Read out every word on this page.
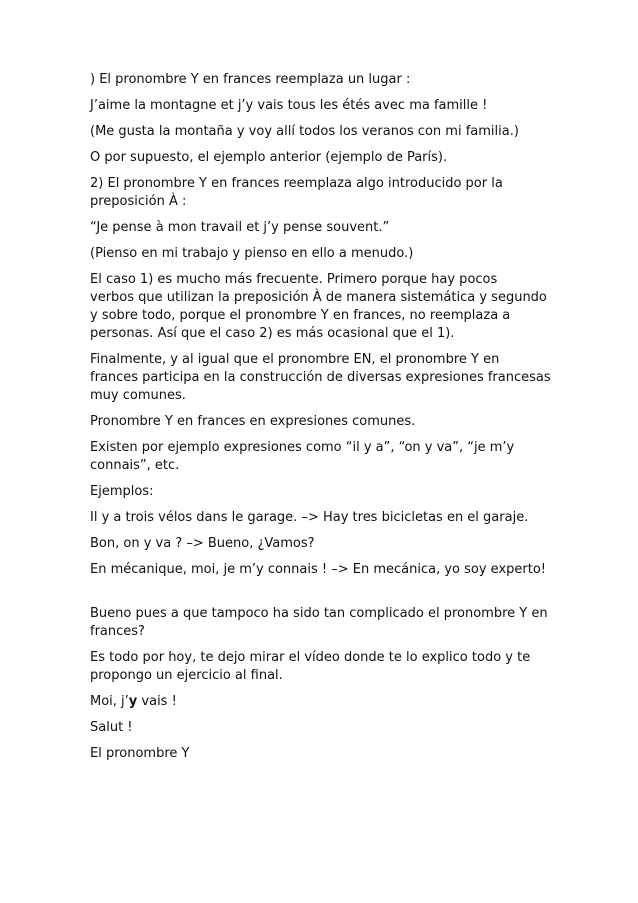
) El pronombre Y en frances reemplaza un lugar :

J’aime la montagne et j’y vais tous les étés avec ma famille !

(Me gusta la montaña y voy allí todos los veranos con mi familia.)

O por supuesto, el ejemplo anterior (ejemplo de París).

2) El pronombre Y en frances reemplaza algo introducido por la
preposición À :

“Je pense à mon travail et j’y pense souvent.”

(Pienso en mi trabajo y pienso en ello a menudo.)

El caso 1) es mucho más frecuente. Primero porque hay pocos
verbos que utilizan la preposición À de manera sistemática y segundo
y sobre todo, porque el pronombre Y en frances, no reemplaza a
personas. Así que el caso 2) es más ocasional que el 1).

Finalmente, y al igual que el pronombre EN, el pronombre Y en
frances participa en la construcción de diversas expresiones francesas
muy comunes.

Pronombre Y en frances en expresiones comunes.

Existen por ejemplo expresiones como “il y a”, “on y va”, “je m’y
connais”, etc.

Ejemplos:

Il y a trois vélos dans le garage. –> Hay tres bicicletas en el garaje.

Bon, on y va ? –> Bueno, ¿Vamos?

En mécanique, moi, je m’y connais ! –> En mecánica, yo soy experto!

Bueno pues a que tampoco ha sido tan complicado el pronombre Y en
frances?

Es todo por hoy, te dejo mirar el vídeo donde te lo explico todo y te
propongo un ejercicio al final.

Moi, j’y vais !

Salut !

El pronombre Y
